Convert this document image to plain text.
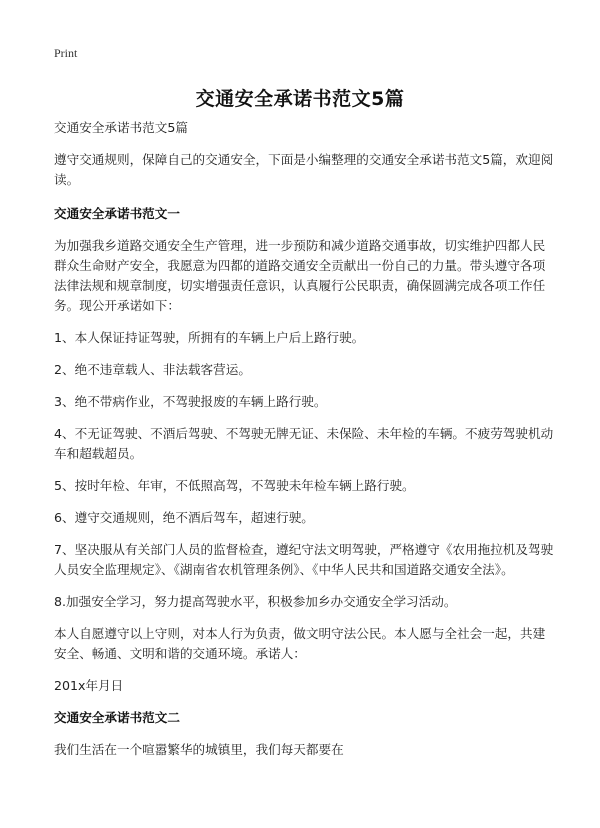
Print
交通安全承诺书范文5篇

交通安全承诺书范文5篇

遵守交通规则，保障自己的交通安全，下面是小编整理的交通安全承诺书范文5篇，欢迎阅读。

交通安全承诺书范文一

为加强我乡道路交通安全生产管理，进一步预防和减少道路交通事故，切实维护四都人民群众生命财产安全，我愿意为四都的道路交通安全贡献出一份自己的力量。带头遵守各项法律法规和规章制度，切实增强责任意识，认真履行公民职责，确保圆满完成各项工作任务。现公开承诺如下：

1、本人保证持证驾驶，所拥有的车辆上户后上路行驶。

2、绝不违章载人、非法载客营运。

3、绝不带病作业，不驾驶报废的车辆上路行驶。

4、不无证驾驶、不酒后驾驶、不驾驶无牌无证、未保险、未年检的车辆。不疲劳驾驶机动车和超载超员。

5、按时年检、年审，不低照高驾，不驾驶未年检车辆上路行驶。

6、遵守交通规则，绝不酒后驾车，超速行驶。

7、坚决服从有关部门人员的监督检查，遵纪守法文明驾驶，严格遵守《农用拖拉机及驾驶人员安全监理规定》、《湖南省农机管理条例》、《中华人民共和国道路交通安全法》。

8.加强安全学习，努力提高驾驶水平，积极参加乡办交通安全学习活动。

本人自愿遵守以上守则，对本人行为负责，做文明守法公民。本人愿与全社会一起，共建安全、畅通、文明和谐的交通环境。承诺人：

201x年月日

交通安全承诺书范文二

我们生活在一个喧嚣繁华的城镇里，我们每天都要在
